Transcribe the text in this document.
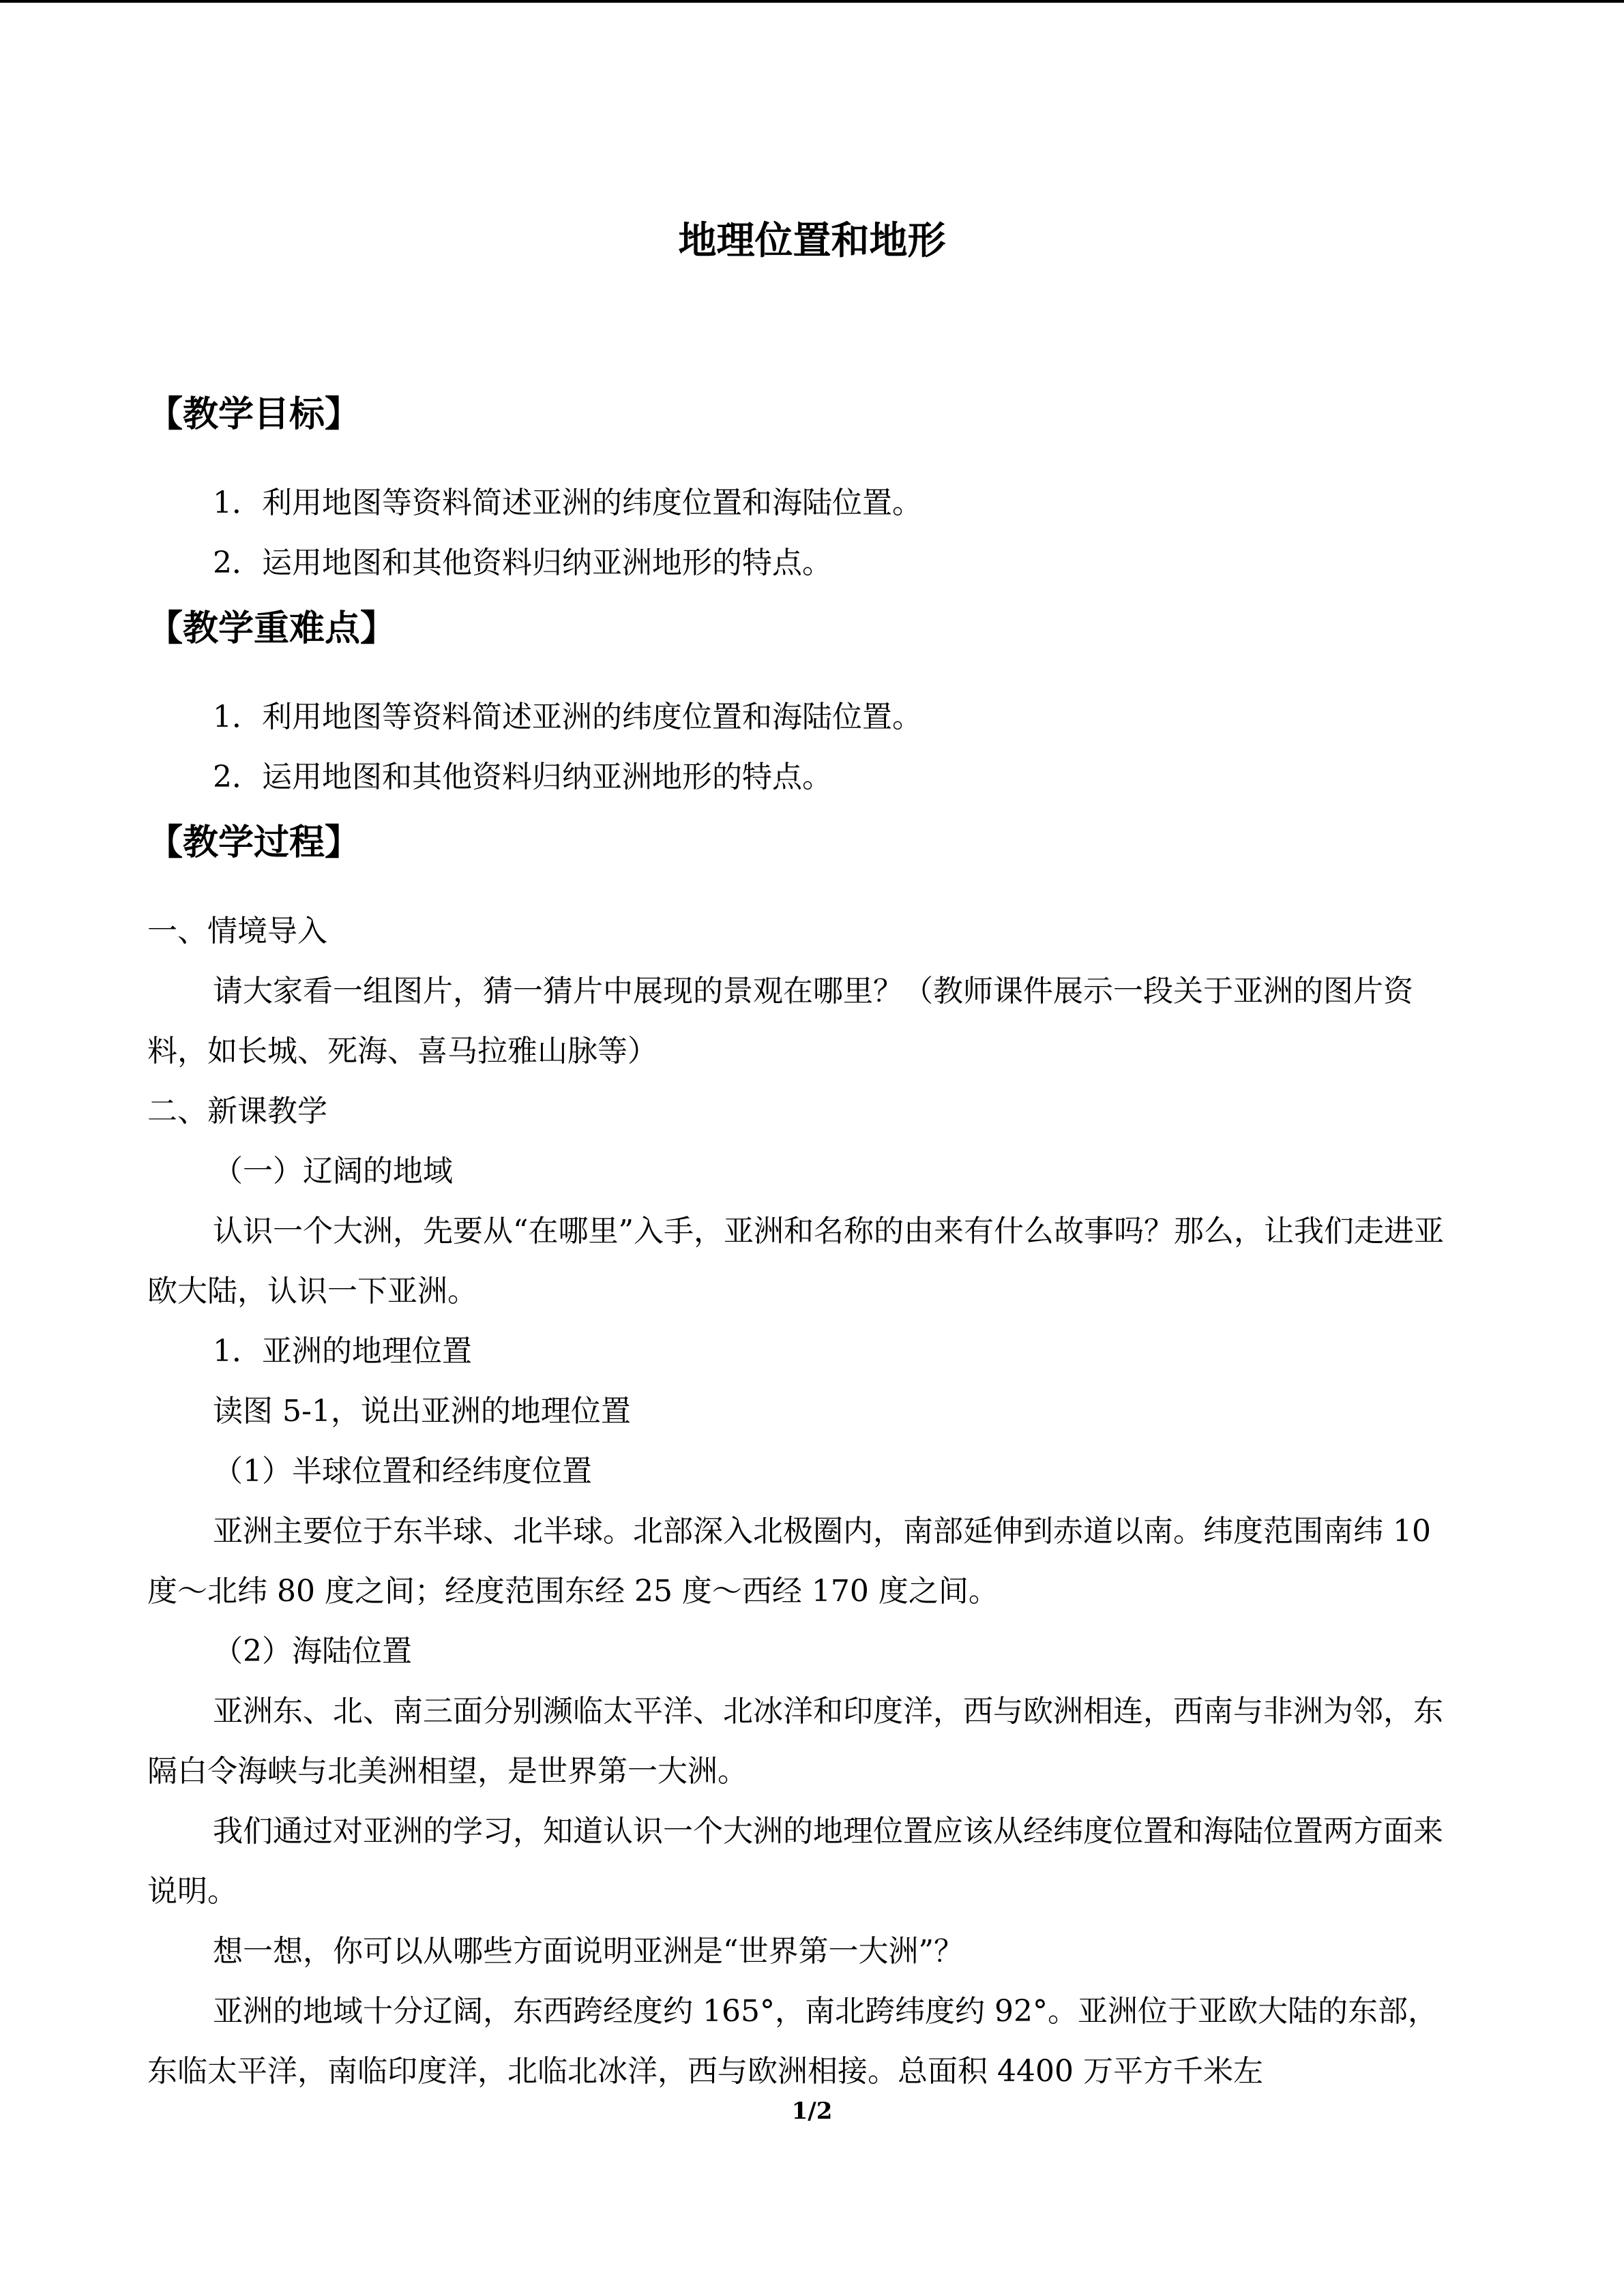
地理位置和地形
【教学目标】

1．利用地图等资料简述亚洲的纬度位置和海陆位置。

2．运用地图和其他资料归纳亚洲地形的特点。

【教学重难点】

1．利用地图等资料简述亚洲的纬度位置和海陆位置。

2．运用地图和其他资料归纳亚洲地形的特点。

【教学过程】

一、情境导入

请大家看一组图片，猜一猜片中展现的景观在哪里？（教师课件展示一段关于亚洲的图片资料，如长城、死海、喜马拉雅山脉等）

二、新课教学

（一）辽阔的地域

认识一个大洲，先要从“在哪里”入手，亚洲和名称的由来有什么故事吗？那么，让我们走进亚欧大陆，认识一下亚洲。

1．亚洲的地理位置

读图 5-1，说出亚洲的地理位置

（1）半球位置和经纬度位置

亚洲主要位于东半球、北半球。北部深入北极圈内，南部延伸到赤道以南。纬度范围南纬 10 度～北纬 80 度之间；经度范围东经 25 度～西经 170 度之间。

（2）海陆位置

亚洲东、北、南三面分别濒临太平洋、北冰洋和印度洋，西与欧洲相连，西南与非洲为邻，东隔白令海峡与北美洲相望，是世界第一大洲。

我们通过对亚洲的学习，知道认识一个大洲的地理位置应该从经纬度位置和海陆位置两方面来说明。

想一想，你可以从哪些方面说明亚洲是“世界第一大洲”？

亚洲的地域十分辽阔，东西跨经度约 165°，南北跨纬度约 92°。亚洲位于亚欧大陆的东部，东临太平洋，南临印度洋，北临北冰洋，西与欧洲相接。总面积 4400 万平方千米左

1/2
